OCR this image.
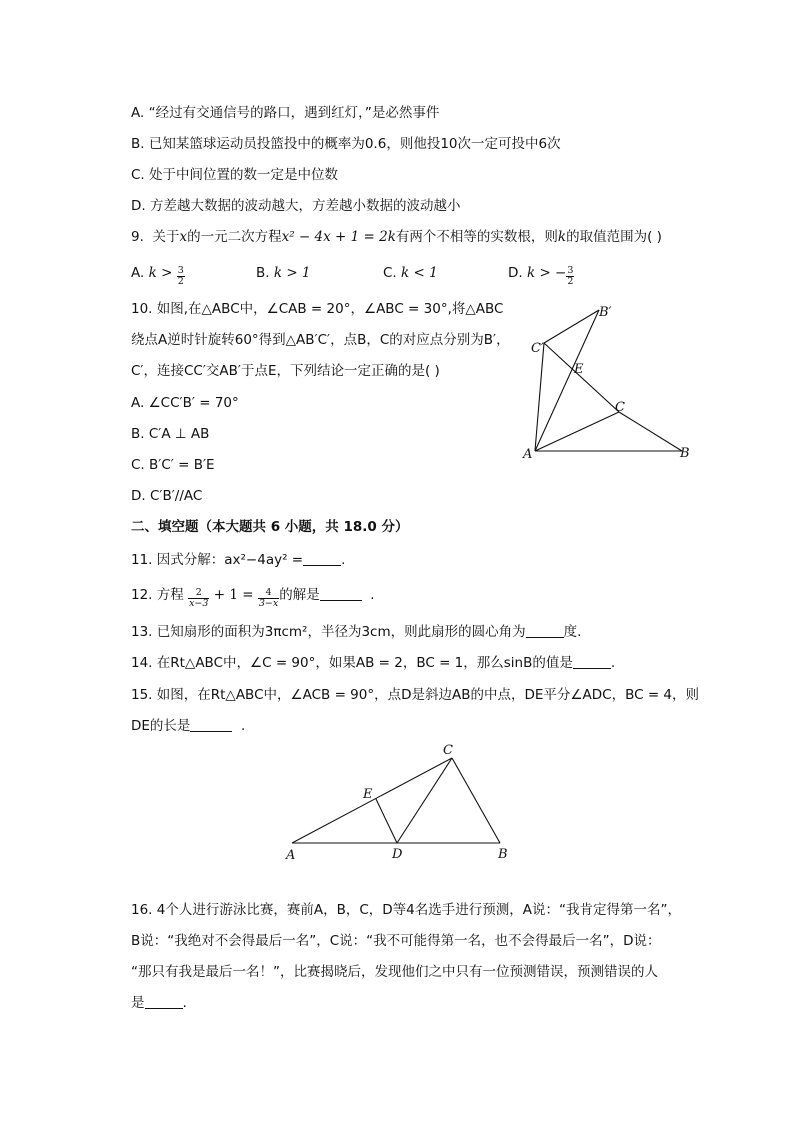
A. “经过有交通信号的路口，遇到红灯，”是必然事件
B. 已知某篮球运动员投篮投中的概率为0.6，则他投10次一定可投中6次
C. 处于中间位置的数一定是中位数
D. 方差越大数据的波动越大，方差越小数据的波动越小
9. 关于x的一元二次方程x² − 4x + 1 = 2k有两个不相等的实数根，则k的取值范围为( )
A. $k > \frac{3}{2}$	B. k > 1	C. k < 1	D. k > − $\frac{3}{2}$
10. 如图,在△ABC中，∠CAB = 20°，∠ABC = 30°,将△ABC
绕点A逆时针旋转60°得到△AB′C′，点B，C的对应点分别为B′，
C′，连接CC′交AB′于点E，下列结论一定正确的是( )
A. ∠CC′B′ = 70°
B. C′A ⊥ AB
C. B′C′ = B′E
D. C′B′//AC
A	B
C
B′
C′
E
二、填空题（本大题共 6 小题，共 18.0 分）
11. 因式分解：ax²−4ay² =	.
12. 方程 $\frac{2}{x-3} + 1 = \frac{4}{3-x}$ 的解是	.
13. 已知扇形的面积为3πcm²，半径为3cm，则此扇形的圆心角为	度.
14. 在Rt△ABC中，∠C = 90°，如果AB = 2，BC = 1，那么sinB的值是	.
15. 如图，在Rt△ABC中，∠ACB = 90°，点D是斜边AB的中点，DE平分∠ADC，BC = 4，则
DE的长是	.
A	B
C
D
E
16. 4个人进行游泳比赛，赛前A，B，C，D等4名选手进行预测，A说：“我肯定得第一名”，
B说：“我绝对不会得最后一名”，C说：“我不可能得第一名，也不会得最后一名”，D说：
“那只有我是最后一名！”，比赛揭晓后，发现他们之中只有一位预测错误，预测错误的人
是	.
